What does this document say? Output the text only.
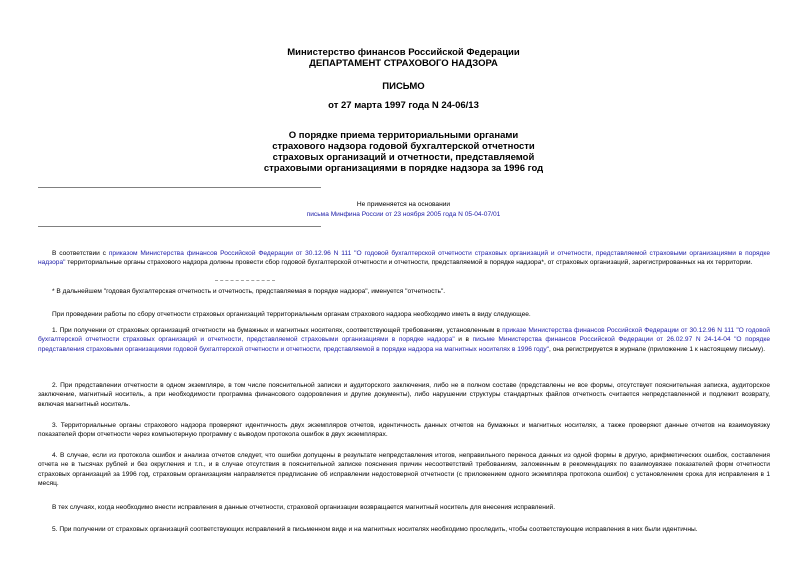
Министерство финансов Российской Федерации
ДЕПАРТАМЕНТ СТРАХОВОГО НАДЗОРА
ПИСЬМО
от 27 марта 1997 года N 24-06/13
О порядке приема территориальными органами
страхового надзора годовой бухгалтерской отчетности
страховых организаций и отчетности, представляемой
страховыми организациями в порядке надзора за 1996 год
Не применяется на основании
письма Минфина России от 23 ноября 2005 года N 05-04-07/01
В соответствии с приказом Министерства финансов Российской Федерации от 30.12.96 N 111 "О годовой бухгалтерской отчетности страховых организаций и отчетности, представляемой страховыми организациями в порядке надзора" территориальные органы страхового надзора должны провести сбор годовой бухгалтерской отчетности и отчетности, представляемой в порядке надзора*, от страховых организаций, зарегистрированных на их территории.
* В дальнейшем "годовая бухгалтерская отчетность и отчетность, представляемая в порядке надзора", именуется "отчетность".
При проведении работы по сбору отчетности страховых организаций территориальным органам страхового надзора необходимо иметь в виду следующее.
1. При получении от страховых организаций отчетности на бумажных и магнитных носителях, соответствующей требованиям, установленным в приказе Министерства финансов Российской Федерации от 30.12.96 N 111 "О годовой бухгалтерской отчетности страховых организаций и отчетности, представляемой страховыми организациями в порядке надзора" и в письме Министерства финансов Российской Федерации от 26.02.97 N 24-14-04 "О порядке представления страховыми организациями годовой бухгалтерской отчетности и отчетности, представляемой в порядке надзора на магнитных носителях в 1996 году", она регистрируется в журнале (приложение 1 к настоящему письму).
2. При представлении отчетности в одном экземпляре, в том числе пояснительной записки и аудиторского заключения, либо не в полном составе (представлены не все формы, отсутствует пояснительная записка, аудиторское заключение, магнитный носитель, а при необходимости программа финансового оздоровления и другие документы), либо нарушении структуры стандартных файлов отчетность считается непредставленной и подлежит возврату, включая магнитный носитель.
3. Территориальные органы страхового надзора проверяют идентичность двух экземпляров отчетов, идентичность данных отчетов на бумажных и магнитных носителях, а также проверяют данные отчетов на взаимоувязку показателей форм отчетности через компьютерную программу с выводом протокола ошибок в двух экземплярах.
4. В случае, если из протокола ошибок и анализа отчетов следует, что ошибки допущены в результате непредставления итогов, неправильного переноса данных из одной формы в другую, арифметических ошибок, составления отчета не в тысячах рублей и без округления и т.п., и в случае отсутствия в пояснительной записке пояснения причин несоответствий требованиям, заложенным в рекомендациях по взаимоувязке показателей форм отчетности страховых организаций за 1996 год, страховым организациям направляется предписание об исправлении недостоверной отчетности (с приложением одного экземпляра протокола ошибок) с установлением срока для исправления в 1 месяц.
В тех случаях, когда необходимо внести исправления в данные отчетности, страховой организации возвращается магнитный носитель для внесения исправлений.
5. При получении от страховых организаций соответствующих исправлений в письменном виде и на магнитных носителях необходимо проследить, чтобы соответствующие исправления в них были идентичны.
